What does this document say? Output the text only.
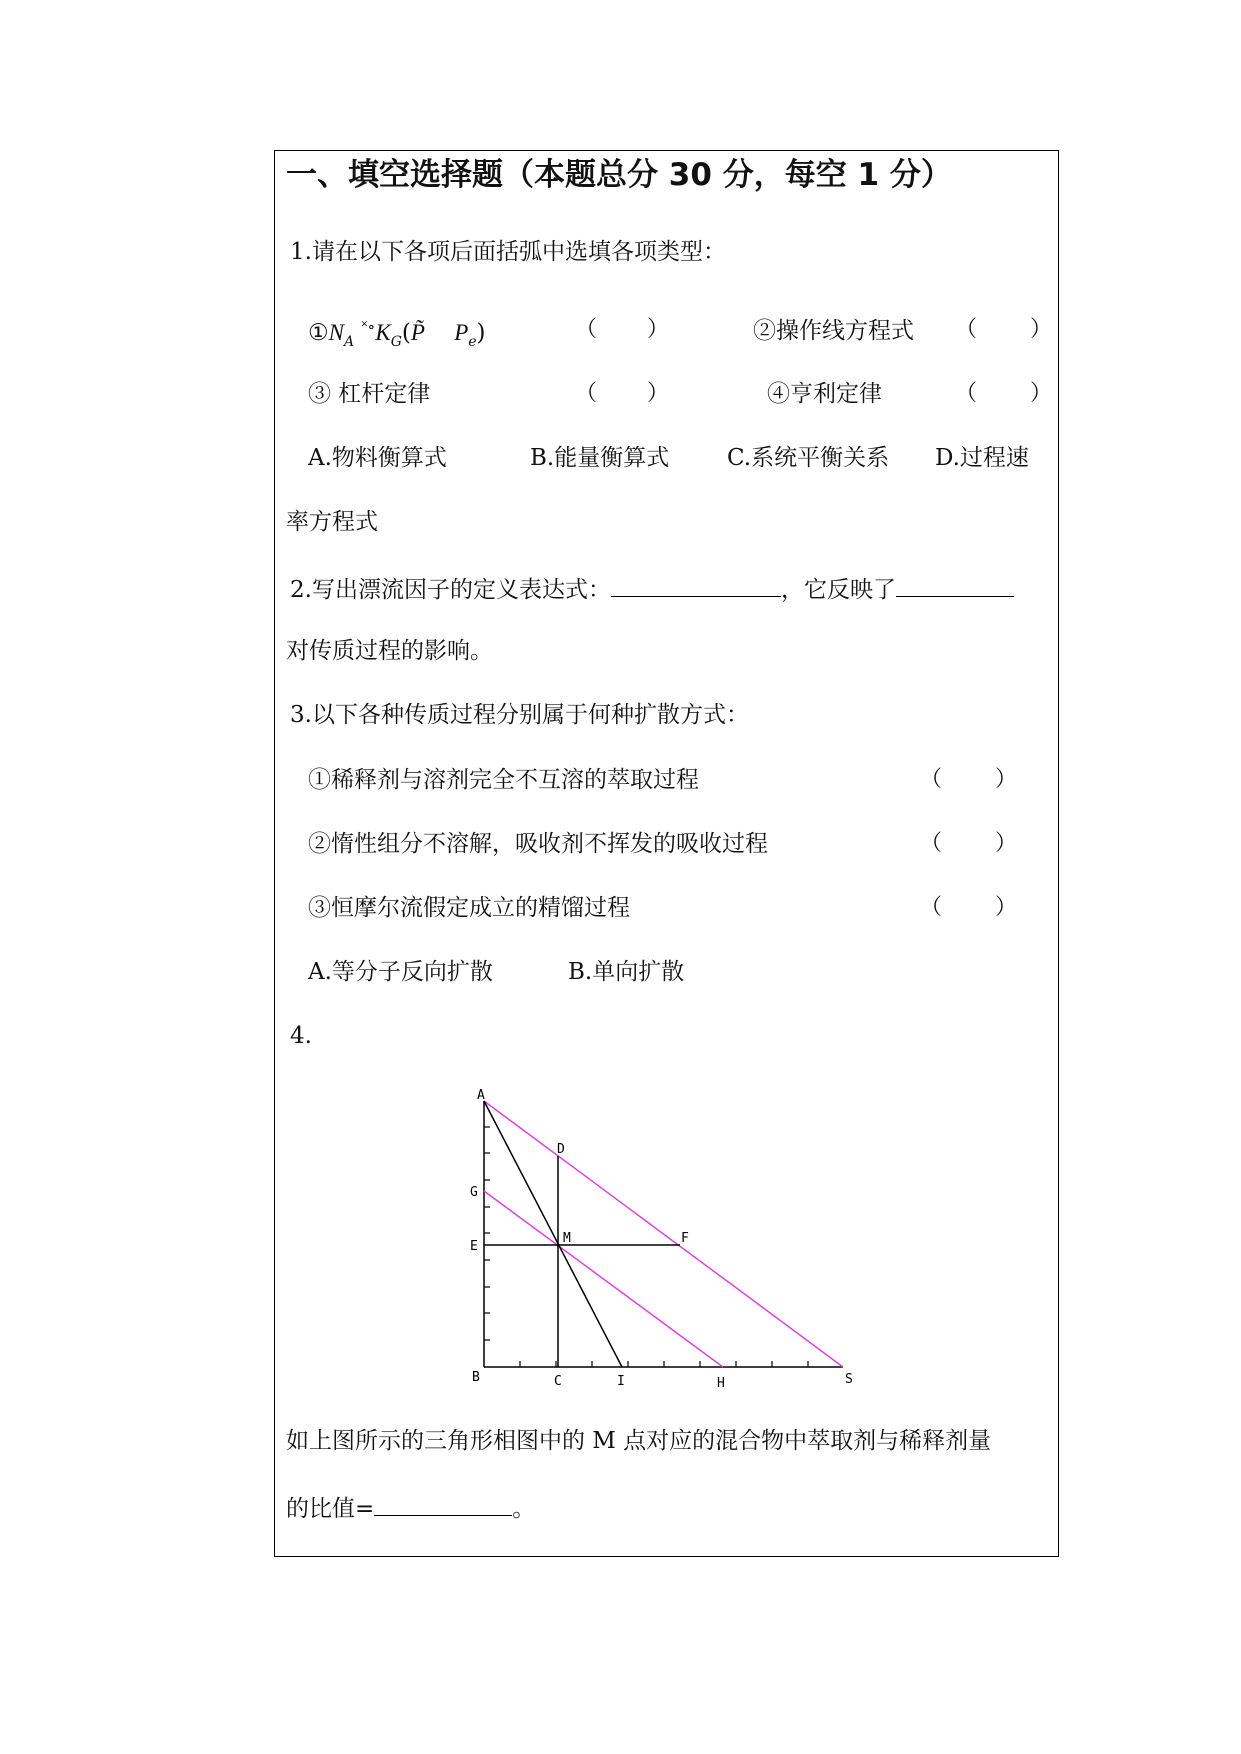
一、填空选择题（本题总分 30 分，每空 1 分）
1.请在以下各项后面括弧中选填各项类型：
$①N_A$ $^{˟\circ}K_G(P̃$ $P_e$)	（ ）	②操作线方程式 （ ）
③ 杠杆定律	（ ）	④亨利定律	（ ）
A.物料衡算式	B.能量衡算式	C.系统平衡关系 D.过程速
率方程式
2.写出漂流因子的定义表达式：	，它反映了
对传质过程的影响。
3.以下各种传质过程分别属于何种扩散方式：
①稀释剂与溶剂完全不互溶的萃取过程	（ ）
②惰性组分不溶解，吸收剂不挥发的吸收过程	（ ）
③恒摩尔流假定成立的精馏过程	（ ）
A.等分子反向扩散	B.单向扩散
4.
A
D
G
M	F
E
B	C	I	H	S
如上图所示的三角形相图中的 M 点对应的混合物中萃取剂与稀释剂量
的比值=	。
